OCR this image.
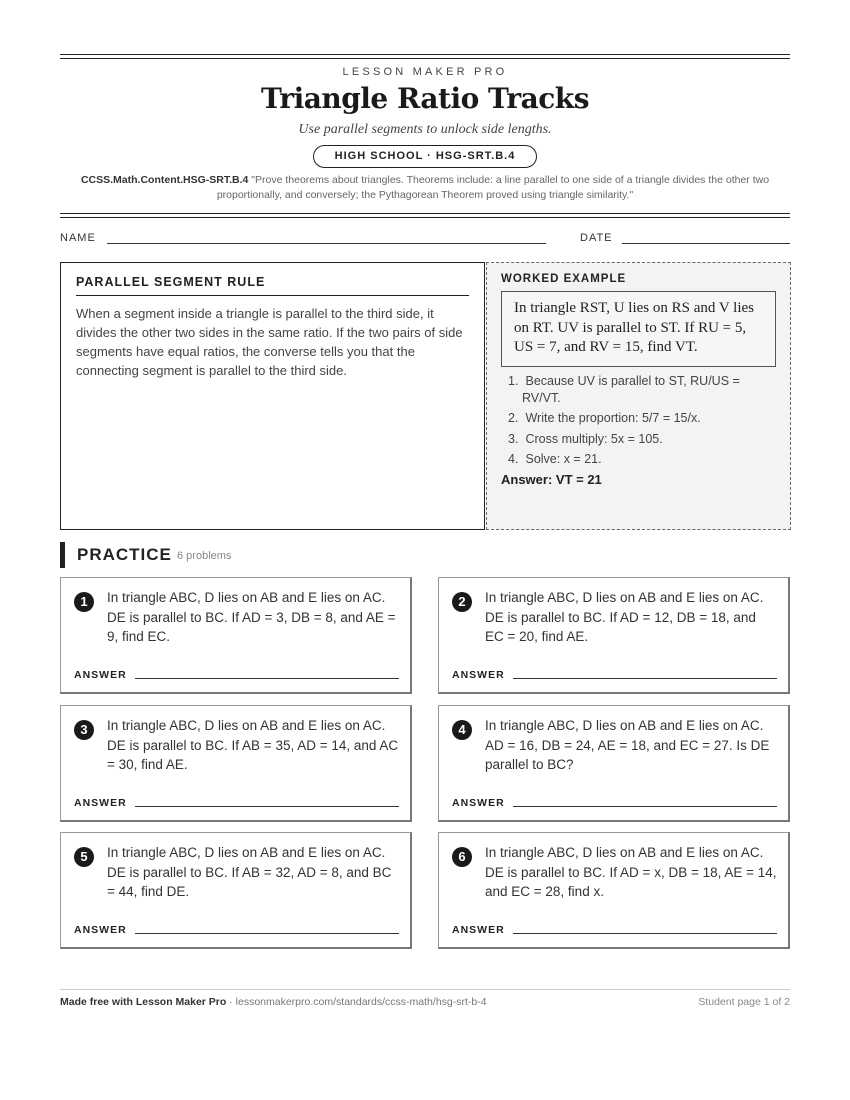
LESSON MAKER PRO
Triangle Ratio Tracks
Use parallel segments to unlock side lengths.
HIGH SCHOOL · HSG-SRT.B.4
CCSS.Math.Content.HSG-SRT.B.4 "Prove theorems about triangles. Theorems include: a line parallel to one side of a triangle divides the other two proportionally, and conversely; the Pythagorean Theorem proved using triangle similarity."
NAME	DATE
PARALLEL SEGMENT RULE
When a segment inside a triangle is parallel to the third side, it divides the other two sides in the same ratio. If the two pairs of side segments have equal ratios, the converse tells you that the connecting segment is parallel to the third side.
WORKED EXAMPLE
In triangle RST, U lies on RS and V lies on RT. UV is parallel to ST. If RU = 5, US = 7, and RV = 15, find VT.
1. Because UV is parallel to ST, RU/US = RV/VT.
2. Write the proportion: 5/7 = 15/x.
3. Cross multiply: 5x = 105.
4. Solve: x = 21.
Answer: VT = 21
PRACTICE 6 problems
1	In triangle ABC, D lies on AB and E lies on AC. DE is parallel to BC. If AD = 3, DB = 8, and AE = 9, find EC.
ANSWER
2	In triangle ABC, D lies on AB and E lies on AC. DE is parallel to BC. If AD = 12, DB = 18, and EC = 20, find AE.
ANSWER
3	In triangle ABC, D lies on AB and E lies on AC. DE is parallel to BC. If AB = 35, AD = 14, and AC = 30, find AE.
ANSWER
4	In triangle ABC, D lies on AB and E lies on AC. AD = 16, DB = 24, AE = 18, and EC = 27. Is DE parallel to BC?
ANSWER
5	In triangle ABC, D lies on AB and E lies on AC. DE is parallel to BC. If AB = 32, AD = 8, and BC = 44, find DE.
ANSWER
6	In triangle ABC, D lies on AB and E lies on AC. DE is parallel to BC. If AD = x, DB = 18, AE = 14, and EC = 28, find x.
ANSWER
Made free with Lesson Maker Pro · lessonmakerpro.com/standards/ccss-math/hsg-srt-b-4	Student page 1 of 2
